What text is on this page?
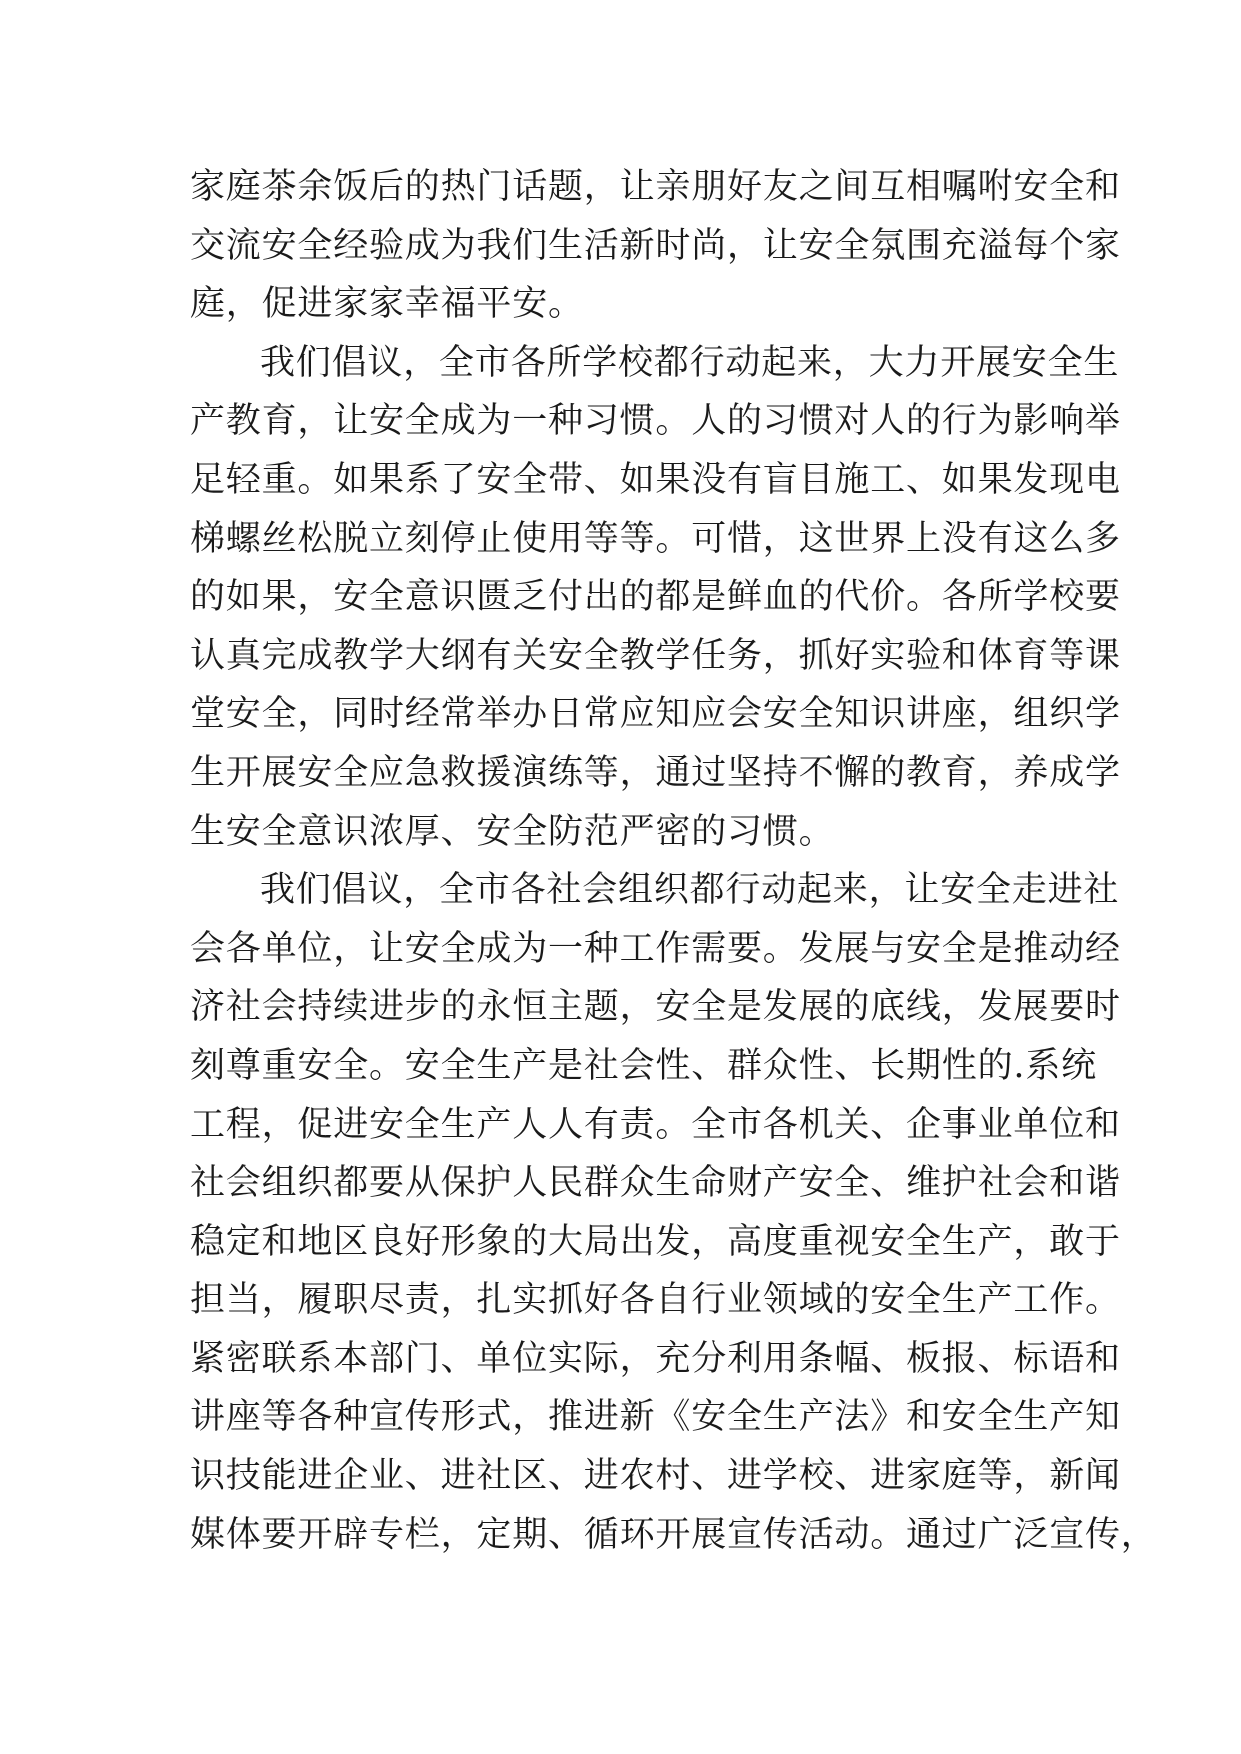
家庭茶余饭后的热门话题，让亲朋好友之间互相嘱咐安全和
交流安全经验成为我们生活新时尚，让安全氛围充溢每个家
庭，促进家家幸福平安。
我们倡议，全市各所学校都行动起来，大力开展安全生
产教育，让安全成为一种习惯。人的习惯对人的行为影响举
足轻重。如果系了安全带、如果没有盲目施工、如果发现电
梯螺丝松脱立刻停止使用等等。可惜，这世界上没有这么多
的如果，安全意识匮乏付出的都是鲜血的代价。各所学校要
认真完成教学大纲有关安全教学任务，抓好实验和体育等课
堂安全，同时经常举办日常应知应会安全知识讲座，组织学
生开展安全应急救援演练等，通过坚持不懈的教育，养成学
生安全意识浓厚、安全防范严密的习惯。
我们倡议，全市各社会组织都行动起来，让安全走进社
会各单位，让安全成为一种工作需要。发展与安全是推动经
济社会持续进步的永恒主题，安全是发展的底线，发展要时
刻尊重安全。安全生产是社会性、群众性、长期性的.系统
工程，促进安全生产人人有责。全市各机关、企事业单位和
社会组织都要从保护人民群众生命财产安全、维护社会和谐
稳定和地区良好形象的大局出发，高度重视安全生产，敢于
担当，履职尽责，扎实抓好各自行业领域的安全生产工作。
紧密联系本部门、单位实际，充分利用条幅、板报、标语和
讲座等各种宣传形式，推进新《安全生产法》和安全生产知
识技能进企业、进社区、进农村、进学校、进家庭等，新闻
媒体要开辟专栏，定期、循环开展宣传活动。通过广泛宣传，
